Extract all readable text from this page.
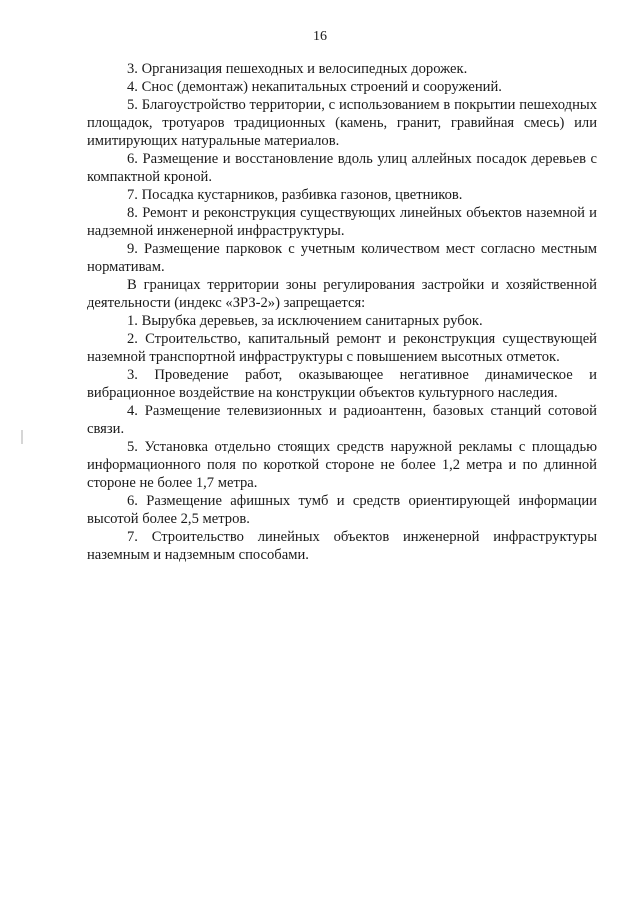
16

3. Организация пешеходных и велосипедных дорожек.

4. Снос (демонтаж) некапитальных строений и сооружений.

5. Благоустройство территории, с использованием в покрытии пешеходных площадок, тротуаров традиционных (камень, гранит, гравийная смесь) или имитирующих натуральные материалов.

6. Размещение и восстановление вдоль улиц аллейных посадок деревьев с компактной кроной.

7. Посадка кустарников, разбивка газонов, цветников.

8. Ремонт и реконструкция существующих линейных объектов наземной и надземной инженерной инфраструктуры.

9. Размещение парковок с учетным количеством мест согласно местным нормативам.

В границах территории зоны регулирования застройки и хозяйственной деятельности (индекс «ЗРЗ-2») запрещается:

1. Вырубка деревьев, за исключением санитарных рубок.

2. Строительство, капитальный ремонт и реконструкция существующей наземной транспортной инфраструктуры с повышением высотных отметок.

3. Проведение работ, оказывающее негативное динамическое и вибрационное воздействие на конструкции объектов культурного наследия.

4. Размещение телевизионных и радиоантенн, базовых станций сотовой связи.

5. Установка отдельно стоящих средств наружной рекламы с площадью информационного поля по короткой стороне не более 1,2 метра и по длинной стороне не более 1,7 метра.

6. Размещение афишных тумб и средств ориентирующей информации высотой более 2,5 метров.

7. Строительство линейных объектов инженерной инфраструктуры наземным и надземным способами.
